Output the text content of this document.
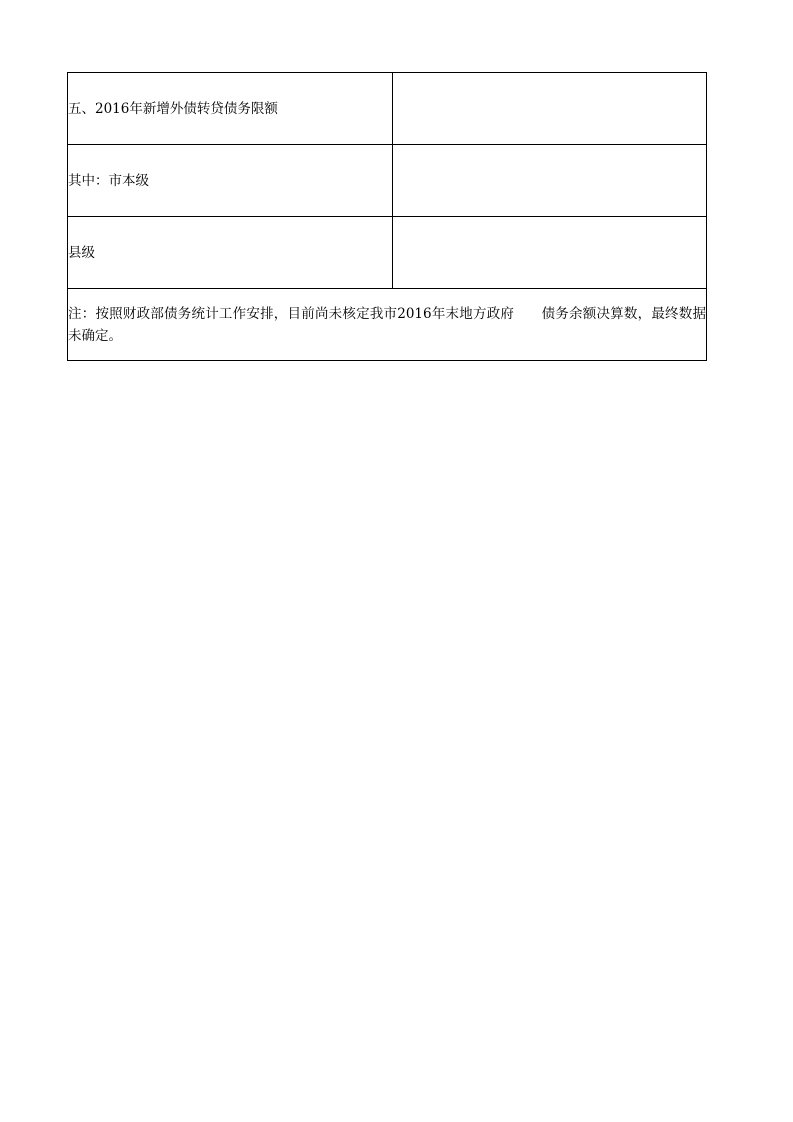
五、2016年新增外债转贷债务限额	
其中：市本级	
县级	
注：按照财政部债务统计工作安排，目前尚未核定我市2016年末地方政府　　债务余额决算数，最终数据未确定。	
